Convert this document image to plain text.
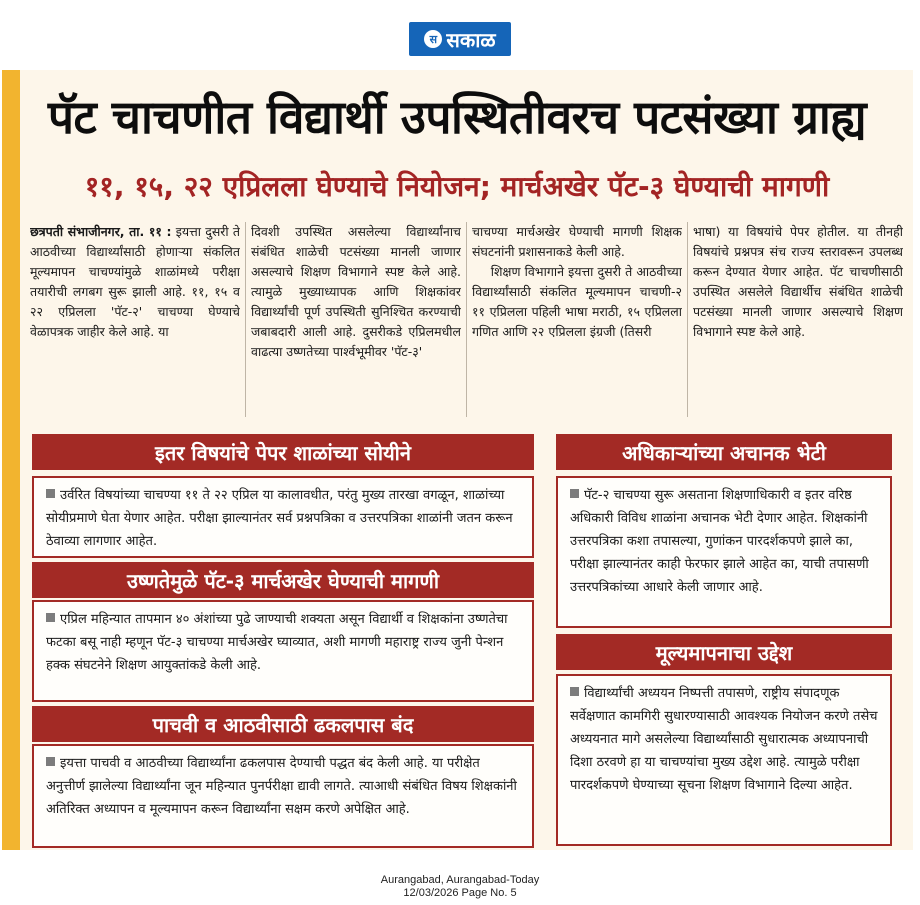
स सकाळ
पॅट चाचणीत विद्यार्थी उपस्थितीवरच पटसंख्या ग्राह्य
११, १५, २२ एप्रिलला घेण्याचे नियोजन; मार्चअखेर पॅट-३ घेण्याची मागणी

छत्रपती संभाजीनगर, ता. ११ : इयत्ता दुसरी ते आठवीच्या विद्यार्थ्यांसाठी होणाऱ्या संकलित मूल्यमापन चाचण्यांमुळे शाळांमध्ये परीक्षा तयारीची लगबग सुरू झाली आहे. ११, १५ व २२ एप्रिलला 'पॅट-२' चाचण्या घेण्याचे वेळापत्रक जाहीर केले आहे. या

दिवशी उपस्थित असलेल्या विद्यार्थ्यांनाच संबंधित शाळेची पटसंख्या मानली जाणार असल्याचे शिक्षण विभागाने स्पष्ट केले आहे. त्यामुळे मुख्याध्यापक आणि शिक्षकांवर विद्यार्थ्यांची पूर्ण उपस्थिती सुनिश्चित करण्याची जबाबदारी आली आहे. दुसरीकडे एप्रिलमधील वाढत्या उष्णतेच्या पार्श्वभूमीवर 'पॅट-३'

चाचण्या मार्चअखेर घेण्याची मागणी शिक्षक संघटनांनी प्रशासनाकडे केली आहे.
शिक्षण विभागाने इयत्ता दुसरी ते आठवीच्या विद्यार्थ्यांसाठी संकलित मूल्यमापन चाचणी-२ ११ एप्रिलला पहिली भाषा मराठी, १५ एप्रिलला गणित आणि २२ एप्रिलला इंग्रजी (तिसरी

भाषा) या विषयांचे पेपर होतील. या तीनही विषयांचे प्रश्नपत्र संच राज्य स्तरावरून उपलब्ध करून देण्यात येणार आहेत. पॅट चाचणीसाठी उपस्थित असलेले विद्यार्थीच संबंधित शाळेची पटसंख्या मानली जाणार असल्याचे शिक्षण विभागाने स्पष्ट केले आहे.

इतर विषयांचे पेपर शाळांच्या सोयीने
उर्वरित विषयांच्या चाचण्या ११ ते २२ एप्रिल या कालावधीत, परंतु मुख्य तारखा वगळून, शाळांच्या सोयीप्रमाणे घेता येणार आहेत. परीक्षा झाल्यानंतर सर्व प्रश्नपत्रिका व उत्तरपत्रिका शाळांनी जतन करून ठेवाव्या लागणार आहेत.
उष्णतेमुळे पॅट-३ मार्चअखेर घेण्याची मागणी
एप्रिल महिन्यात तापमान ४० अंशांच्या पुढे जाण्याची शक्यता असून विद्यार्थी व शिक्षकांना उष्णतेचा फटका बसू नाही म्हणून पॅट-३ चाचण्या मार्चअखेर घ्याव्यात, अशी मागणी महाराष्ट्र राज्य जुनी पेन्शन हक्क संघटनेने शिक्षण आयुक्तांकडे केली आहे.
पाचवी व आठवीसाठी ढकलपास बंद
इयत्ता पाचवी व आठवीच्या विद्यार्थ्यांना ढकलपास देण्याची पद्धत बंद केली आहे. या परीक्षेत अनुत्तीर्ण झालेल्या विद्यार्थ्यांना जून महिन्यात पुनर्परीक्षा द्यावी लागते. त्याआधी संबंधित विषय शिक्षकांनी अतिरिक्त अध्यापन व मूल्यमापन करून विद्यार्थ्यांना सक्षम करणे अपेक्षित आहे.
अधिकाऱ्यांच्या अचानक भेटी
पॅट-२ चाचण्या सुरू असताना शिक्षणाधिकारी व इतर वरिष्ठ अधिकारी विविध शाळांना अचानक भेटी देणार आहेत. शिक्षकांनी उत्तरपत्रिका कशा तपासल्या, गुणांकन पारदर्शकपणे झाले का, परीक्षा झाल्यानंतर काही फेरफार झाले आहेत का, याची तपासणी उत्तरपत्रिकांच्या आधारे केली जाणार आहे.
मूल्यमापनाचा उद्देश
विद्यार्थ्यांची अध्ययन निष्पत्ती तपासणे, राष्ट्रीय संपादणूक सर्वेक्षणात कामगिरी सुधारण्यासाठी आवश्यक नियोजन करणे तसेच अध्ययनात मागे असलेल्या विद्यार्थ्यांसाठी सुधारात्मक अध्यापनाची दिशा ठरवणे हा या चाचण्यांचा मुख्य उद्देश आहे. त्यामुळे परीक्षा पारदर्शकपणे घेण्याच्या सूचना शिक्षण विभागाने दिल्या आहेत.
Aurangabad, Aurangabad-Today
12/03/2026 Page No. 5
